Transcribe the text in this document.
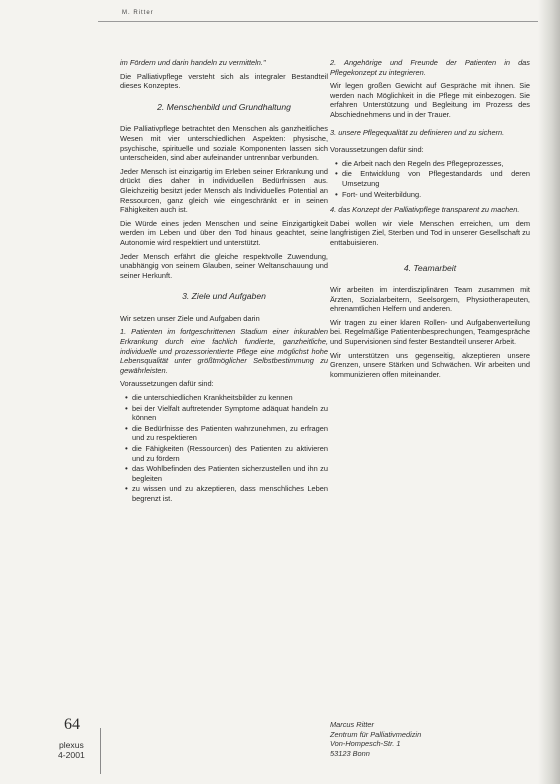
M. Ritter

im Fördern und darin handeln zu vermitteln."

Die Palliativpflege versteht sich als integraler Bestandteil dieses Konzeptes.

2. Menschenbild und Grundhaltung

Die Palliativpflege betrachtet den Menschen als ganzheitliches Wesen mit vier unterschiedlichen Aspekten: physische, psychische, spirituelle und soziale Komponenten lassen sich unterscheiden, sind aber aufeinander untrennbar verbunden.

Jeder Mensch ist einzigartig im Erleben seiner Erkrankung und drückt dies daher in individuellen Bedürfnissen aus. Gleichzeitig besitzt jeder Mensch als Individuelles Potential an Ressourcen, ganz gleich wie eingeschränkt er in seinen Fähigkeiten auch ist.

Die Würde eines jeden Menschen und seine Einzigartigkeit werden im Leben und über den Tod hinaus geachtet, seine Autonomie wird respektiert und unterstützt.

Jeder Mensch erfährt die gleiche respektvolle Zuwendung, unabhängig von seinem Glauben, seiner Weltanschauung und seiner Herkunft.

3. Ziele und Aufgaben

Wir setzen unser Ziele und Aufgaben darin

1. Patienten im fortgeschrittenen Stadium einer inkurablen Erkrankung durch eine fachlich fundierte, ganzheitliche, individuelle und prozessorientierte Pflege eine möglichst hohe Lebensqualität unter größtmöglicher Selbstbestimmung zu gewährleisten.

Voraussetzungen dafür sind:

• die unterschiedlichen Krankheitsbilder zu kennen
• bei der Vielfalt auftretender Symptome adäquat handeln zu können
• die Bedürfnisse des Patienten wahrzunehmen, zu erfragen und zu respektieren
• die Fähigkeiten (Ressourcen) des Patienten zu aktivieren und zu fördern
• das Wohlbefinden des Patienten sicherzustellen und ihn zu begleiten
• zu wissen und zu akzeptieren, dass menschliches Leben begrenzt ist.

2. Angehörige und Freunde der Patienten in das Pflegekonzept zu integrieren.

Wir legen großen Gewicht auf Gespräche mit ihnen. Sie werden nach Möglichkeit in die Pflege mit einbezogen. Sie erfahren Unterstützung und Begleitung im Prozess des Abschiednehmens und in der Trauer.

3. unsere Pflegequalität zu definieren und zu sichern.

Voraussetzungen dafür sind:

• die Arbeit nach den Regeln des Pflegeprozesses,
• die Entwicklung von Pflegestandards und deren Umsetzung
• Fort- und Weiterbildung.

4. das Konzept der Palliativpflege transparent zu machen.

Dabei wollen wir viele Menschen erreichen, um dem langfristigen Ziel, Sterben und Tod in unserer Gesellschaft zu enttabuisieren.

4. Teamarbeit

Wir arbeiten im interdisziplinären Team zusammen mit Ärzten, Sozialarbeitern, Seelsorgern, Physiotherapeuten, ehrenamtlichen Helfern und anderen.

Wir tragen zu einer klaren Rollen- und Aufgabenverteilung bei. Regelmäßige Patientenbesprechungen, Teamgespräche und Supervisionen sind fester Bestandteil unserer Arbeit.

Wir unterstützen uns gegenseitig, akzeptieren unsere Grenzen, unsere Stärken und Schwächen. Wir arbeiten und kommunizieren offen miteinander.

Marcus Ritter
Zentrum für Palliativmedizin
Von-Hompesch-Str. 1
53123 Bonn
64
plexus
4-2001
